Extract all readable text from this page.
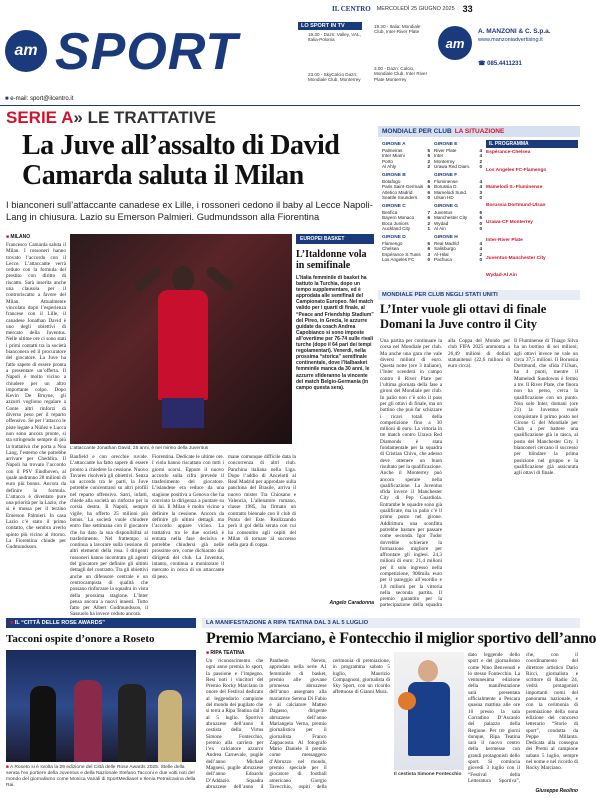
IL CENTRO MERCOLEDÌ 25 GIUGNO 2025 33
am SPORT	LO SPORT IN TV
19.30 - Dazn: Valley, VAL, Italia-Polonia
19.30 - Italia: Mondiale Club, Inter-River Plate
23.00 - SkyCalcio Dazn: Mondiale Club, Monterrey
3.00 - Dazn: Calcio, Mondiale Club, Inter River Plate Monterrey
am
A. MANZONI & C. S.p.a.
www.manzoniadvertising.it
☎ 085.4411231
■ e-mail: sport@ilcentro.it
SERIE A» LE TRATTATIVE
La Juve all’assalto di David
Camarda saluta il Milan
I bianconeri sull’attaccante canadese ex Lille, i rossoneri cedono il baby al Lecce Napoli-Lang in chiusura. Lazio su Emerson Palmieri. Gudmundsson alla Fiorentina
■ MILANO
Francesco Camarda saluta il Milan. I rossoneri hanno trovato l’accordo con il Lecce. L’attaccante verrà ceduto con la formula del prestito con diritto di riscatto. Sarà inserita anche una clausola per il controriscatto a favore del Milan. Attualmente vincolato dopo l’esperienza francese con il Lille, il canadese Jonathan David è uno degli obiettivi di mercato della Juventus. Nelle ultime ore ci sono stati i primi contatti tra la società bianconera ed il procuratore del giocatore. La Juve ha fatto sapere di essere pronta a presentare un’offerta. Il Napoli è molto vicino a chiudere per un altro importante colpo. Dopo Kevin De Bruyne, gli azzurri vogliono regalare a Conte altri rinforzi di diverso peso per il reparto offensivo. Se per l’attacco le piste legate a Núñez e Lucca non sono ancora pronte, si sta stringendo sempre di più la trattativa che porta a Noa Lang, l’esterno che potrebbe arrivare per Cheddira. Il Napoli ha trovato l’accordo con il PSV Eindhoven, al quale andranno 28 milioni di euro più bonus. Ancora da definire la formula. L’attacco è diventato pure una priorità per la Lazio, che si è mossa per il terzino Emerson Palmieri. In casa Lazio c’è stato il primo contatto, che sembra averlo spinto più vicino al ritorno. La Fiorentina chiude per Gudmundsson.
L’attaccante Jonathan David, 25 anni, è nel mirino della Juventus
Banfield e con orecchie ruvide. L’attaccante ha fatto sapere di essere pronto a chiedere la cessione. Nuovo Tavares risolverà gli obiettivi. Senza un accordo tra le parti, la Juve potrebbe concentrarsi su altri profili nel reparto offensivo. Sarri, infatti, chiede alla società un rinforzo per la corsia destra. Il Napoli, sempre vigile, ha offerto 25 milioni più bonus. La società vuole chiudere entro fine settimana con il giocatore che ha dato la sua disponibilità al trasferimento. Nel frattempo si continua a lavorare sulla cessione di altri elementi della rosa. I dirigenti rossoneri hanno incontrato gli agenti del giocatore per definire gli ultimi dettagli del contratto. Tra gli obiettivi anche un difensore centrale e un centrocampista di qualità che possano rinforzare la squadra in vista della prossima stagione. L’Inter pensa ancora a nuovi innesti. Tutto fatto per Albert Gudmundsson, il Sassuolo ha invece ceduto ancora.
Fiorentina. Dedicate le ultime ore. I viola hanno riscattato con tutti i giorni scorsi. Eppure il nuovo accordo sulla cifra prevede il trasferimento del giocatore. L’islandese era reduce da una stagione positiva a Genova che ha convinto la dirigenza a puntare su di lui. Il Milan è molto vicino a definire la cessione. Ancora da definire gli ultimi dettagli ma l’accordo appare vicino. La trattativa tra le due società è entrata nella fase decisiva e potrebbe chiudersi già nelle prossime ore, come dichiarato dai dirigenti del club. La Juventus, intanto, continua a monitorare il mercato in cerca di un attaccante di peso.
EUROPEI BASKET
L’Italdonne vola in semifinale
L’Italia femminile di basket ha battuto la Turchia, dopo un tempo supplementare, ed è approdata alle semifinali del Campionato Europeo. Nel match valido per i quarti di finale, al “Peace and Friendship Stadium” del Pireo, in Grecia, le azzurre guidate da coach Andrea Capobianco si sono imposte all’overtime per 76-74 sulle rivali turche (dopo il 64 pari dei tempi regolamentari). Venerdì, nella prossima “storica” semifinale continentale, dove l’Italbasket femminile manca da 30 anni, le azzurre sfideranno la vincente del match Belgio-Germania (in campo questa sera).
mane comunque difficile data la concorrenza di altri club. Panchina italiana nella Liga. Dopo l’addio di Ancelotti al Real Madrid per approdare sulla panchina del Brasile, arriva il nuovo mister Tra Chiosano e Valencia, L’allenatore romano, classe 1985, ha firmato un contratto biennale con il club di Punta del Este. Realizzando però il gol della serata con cui ha consentito agli ospiti del Milan di tornare al successo nella gara di coppa.
Angelo Caradonna
MONDIALE PER CLUB LA SITUAZIONE
GIRONE A
Palmeiras	5
Inter Miami	5
Porto	2
Al Ahly	2
GIRONE B
Botafogo	6
Paris Saint-Germain 6
Atletico Madrid	6
Seattle Sounders 0
GIRONE C
Benfica	7
Bayern Monaco	6
Boca Juniors	2
Auckland City	1
GIRONE D
Flamengo	6
Chelsea	6
Espérance S.Tunis 3
Los Angeles FC	0
GIRONE E
River Plate	4
Inter	4
Monterrey	2
Urawa Red Diam. 0
GIRONE F
Fluminense	4
Borussia D.	4
Mamelodi Sund.	3
Ulsan HD	0
GIRONE G
Juventus	6
Manchester City	6
Wydad	0
Al Ain	0
GIRONE H
Real Madrid	4
Salisburgo	4
Al-Hilal	2
Pachuca	0
IL PROGRAMMA
Espérance-Chelsea
Los Angeles FC-Flamengo
Mamelodi S.-Fluminense
Borussia Dortmund-Ulsan
Urawa-CF Monterrey
Inter-River Plate
Juventus-Manchester City
Wydad-Al Ain
MONDIALE PER CLUB NEGLI STATI UNITI
L’Inter vuole gli ottavi di finale Domani la Juve contro il City
Una partita per continuare la corsa nel Mondiale per club. Ma anche una gara che vale diversi milioni di euro. Questa notte (ore 3 italiane), l’Inter scenderà in campo contro il River Plate per l’ultima giornata della fase a gironi del Mondiale per club. In palio non c’è solo il pass per gli ottavi di finale, ma un bottino che può far schizzare i ricavi totali della competizione fino a 30 milioni di euro. La vittoria in tre match contro Urawa Red Diamonds è stata fondamentale per la squadra di Cristian Chivu, che adesso deve ottenere un buon risultato per la qualificazione. Anche il Monterrey può ancora sperare nella qualificazione. La Juventus sfida invece il Manchester City di Pep Guardiola. Entrambe le squadre sono già qualificate, ma in palio c’è il primo posto nel girone. Addirittura una sconfitta potrebbe bastare per passare come seconda. Igor Tudor dovrebbe schierare la formazione migliore per affrontare gli inglesi. 24,3 milioni di euro: 21,4 milioni per il solo ingresso nella competizione, 900mila euro per il pareggio all’esordio e 1,8 milioni per la vittoria nella seconda partita. Il premio garantito per la partecipazione della squadra alla Coppa del Mondo per club FIFA 2025 ammonta a 26,49 milioni di dollari statunitensi (22,6 milioni di euro circa).
Il Fluminense di Thiago Silva ha un bottino di sei milioni; agli ottavi invece ne vale un circa 37,5 milioni. Il Borussia Dortmund, che sfida l’Ulsan, ha 4 punti, mentre il Mamelodi Sundowns è fermo a tre. Il River Plate, che finora non ha perso, cerca la qualificazione con un punto. Non solo Inter, domani (ore 21) la Juventus vuole conquistare il primo posto nel Girone G del Mondiale per Club a per battere una qualificazione già in tasca, al posto del Manchester City. I bianconeri cercano il successo per blindare la prima posizione nel gruppo e la qualificazione già assicurata agli ottavi di finale.
■ IL “CITTÀ DELLE ROSE AWARDS”
Tacconi ospite d’onore a Roseto
■ A Roseto si è svolta la 29 edizione del Città delle Rose Awards 2025. Stelle della serata l’ex portiere della Juventus e della Nazionale Stefano Tacconi e due volti noti del mondo del giornalismo come Monica Vanali di SportMediaset e Ilenia Petralcavina della Rai.
LA MANIFESTAZIONE A RIPA TEATINA DAL 3 AL 5 LUGLIO
Premio Marciano, è Fontecchio il miglior sportivo dell’anno
■ RIPA TEATINA
Un riconoscimento che ogni anno premia lo sport, la passione e l’impegno. Resi noti i vincitori del Premio Rocky Marciano in onore del Festival dedicato al leggendario campione del mondo dei pugilato che si terrà a Ripa Teatina dal 3 al 5 luglio. Sportivo abruzzese dell’anno il cestista della Virtus Simone Fontecchio, premio alla carriera per l’ex calciatore azzurro Andrea Carnevale, pugile dell’anno Michael Magnesi, pugile abruzzese dell’anno Edoardo D’Addazio. Squadra abruzzese dell’anno il Pantheon Nereto, approdato nella serie A1 femminile di basket, premio alle giovane promessa abruzzese dell’anno assegnato alla mariatrice Serena Di Fabio e al calciatore Matteo Dagasso, dirigente abruzzese dell’anno Mariangela Verna, premio giornalistico per il giornalista Franco Zappacosta. Al fotografo Mario Daniele il premio come messaggero d’Abruzzo nel mondo, premio speciale per il giocatore di football americano Giorgio Tavecchio, ospiti della cerimonia di premiazione, in programma sabato 5 luglio, Maurizio Compagnoni, giornalista di Sky Sport, con un ricordo affettuoso di Gianni Mura.
Il cestista Simone Fontecchio
dato leggende dello sport e del giornalismo come Nino Benvenuti e lo stesso Fontecchio. La ventunesima edizione della manifestazione sarà presentata ufficialmente a Pescara quasua mattina alle ore 10 presso la sala Corradino D’Ascanio del palazzo della Regione. Per tre giorni dunque, Ripa Teatina sarà il nuovo centro della kermesse con grandi protagonisti dello sport. Si comincia giovedì 3 luglio con il “Festival della Letteratura Sportiva”, che, con il coordinamento del direttore artistico Dario Ricci, giornalista e scrittore di Radio 24, vedrà protagonisti importanti nomi del panorama nazionale, e con la cerimonia di premiazione della nona edizione del concorso letterario “Storie di sport”, condotta da Peppe Millanta. Dedicata alla consegna dei Premi al campione sabato 5 luglio, sempre nel nome e nel ricordo di Rocky Marciano.
Giuseppe Reolino
